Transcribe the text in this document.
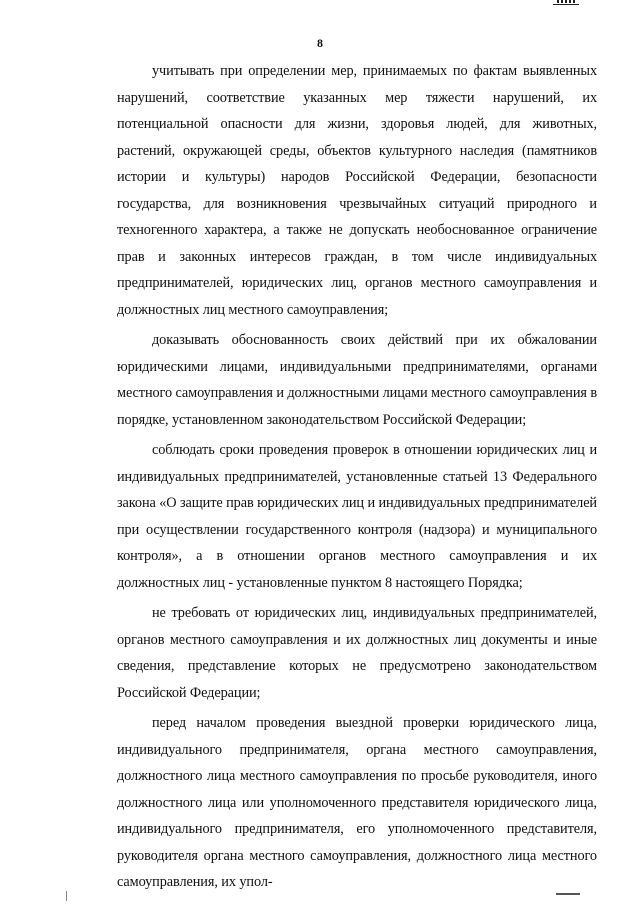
8

учитывать при определении мер, принимаемых по фактам выявленных нарушений, соответствие указанных мер тяжести нарушений, их потенциальной опасности для жизни, здоровья людей, для животных, растений, окружающей среды, объектов культурного наследия (памятников истории и культуры) народов Российской Федерации, безопасности государства, для возникновения чрезвычайных ситуаций природного и техногенного характера, а также не допускать необоснованное ограничение прав и законных интересов граждан, в том числе индивидуальных предпринимателей, юридических лиц, органов местного самоуправления и должностных лиц местного самоуправления;

доказывать обоснованность своих действий при их обжаловании юридическими лицами, индивидуальными предпринимателями, органами местного самоуправления и должностными лицами местного самоуправления в порядке, установленном законодательством Российской Федерации;

соблюдать сроки проведения проверок в отношении юридических лиц и индивидуальных предпринимателей, установленные статьей 13 Федерального закона «О защите прав юридических лиц и индивидуальных предпринимателей при осуществлении государственного контроля (надзора) и муниципального контроля», а в отношении органов местного самоуправления и их должностных лиц - установленные пунктом 8 настоящего Порядка;

не требовать от юридических лиц, индивидуальных предпринимателей, органов местного самоуправления и их должностных лиц документы и иные сведения, представление которых не предусмотрено законодательством Российской Федерации;

перед началом проведения выездной проверки юридического лица, индивидуального предпринимателя, органа местного самоуправления, должностного лица местного самоуправления по просьбе руководителя, иного должностного лица или уполномоченного представителя юридического лица, индивидуального предпринимателя, его уполномоченного представителя, руководителя органа местного самоуправления, должностного лица местного самоуправления, их упол-
